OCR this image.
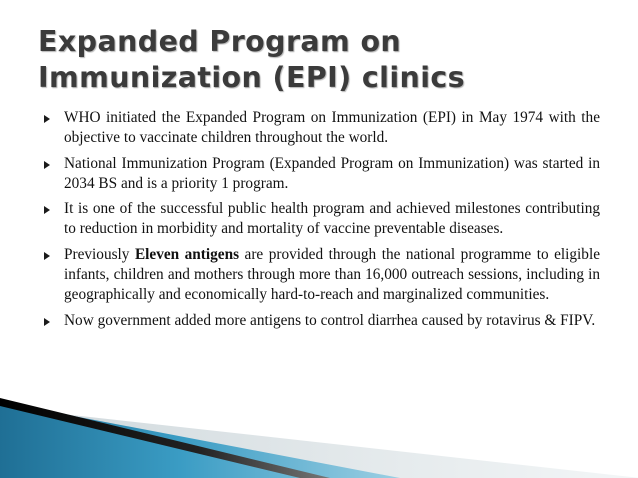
Expanded Program on
Immunization (EPI) clinics
WHO initiated the Expanded Program on Immunization (EPI) in May 1974 with the objective to vaccinate children throughout the world.
National Immunization Program (Expanded Program on Immunization) was started in 2034 BS and is a priority 1 program.
It is one of the successful public health program and achieved milestones contributing to reduction in morbidity and mortality of vaccine preventable diseases.
Previously Eleven antigens are provided through the national programme to eligible infants, children and mothers through more than 16,000 outreach sessions, including in geographically and economically hard-to-reach and marginalized communities.
Now government added more antigens to control diarrhea caused by rotavirus & FIPV.
